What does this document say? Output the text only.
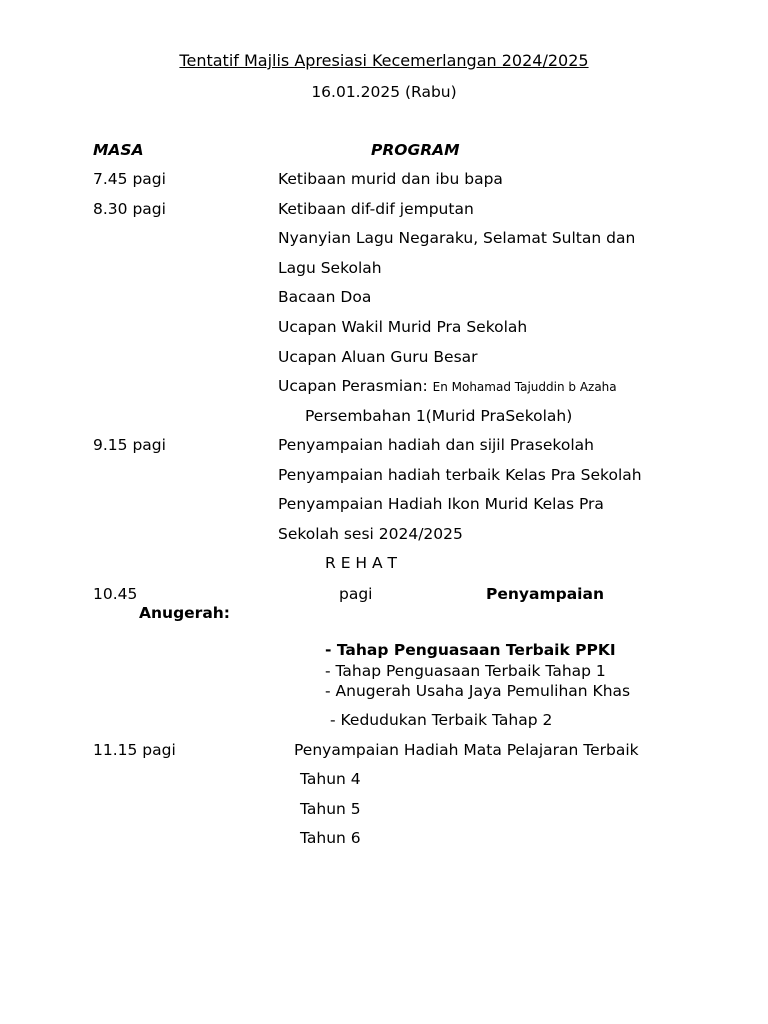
Tentatif Majlis Apresiasi Kecemerlangan 2024/2025
16.01.2025 (Rabu)
MASA	PROGRAM
7.45 pagi	Ketibaan murid dan ibu bapa
8.30 pagi	Ketibaan dif-dif jemputan
Nyanyian Lagu Negaraku, Selamat Sultan dan
Lagu Sekolah
Bacaan Doa
Ucapan Wakil Murid Pra Sekolah
Ucapan Aluan Guru Besar
Ucapan Perasmian: En Mohamad Tajuddin b Azaha
Persembahan 1(Murid PraSekolah)
9.15 pagi	Penyampaian hadiah dan sijil Prasekolah
Penyampaian hadiah terbaik Kelas Pra Sekolah
Penyampaian Hadiah Ikon Murid Kelas Pra
Sekolah sesi 2024/2025
R E H A T
10.45	pagi	Penyampaian
Anugerah:
- Tahap Penguasaan Terbaik PPKI
- Tahap Penguasaan Terbaik Tahap 1
- Anugerah Usaha Jaya Pemulihan Khas
- Kedudukan Terbaik Tahap 2
11.15 pagi	Penyampaian Hadiah Mata Pelajaran Terbaik
Tahun 4
Tahun 5
Tahun 6
